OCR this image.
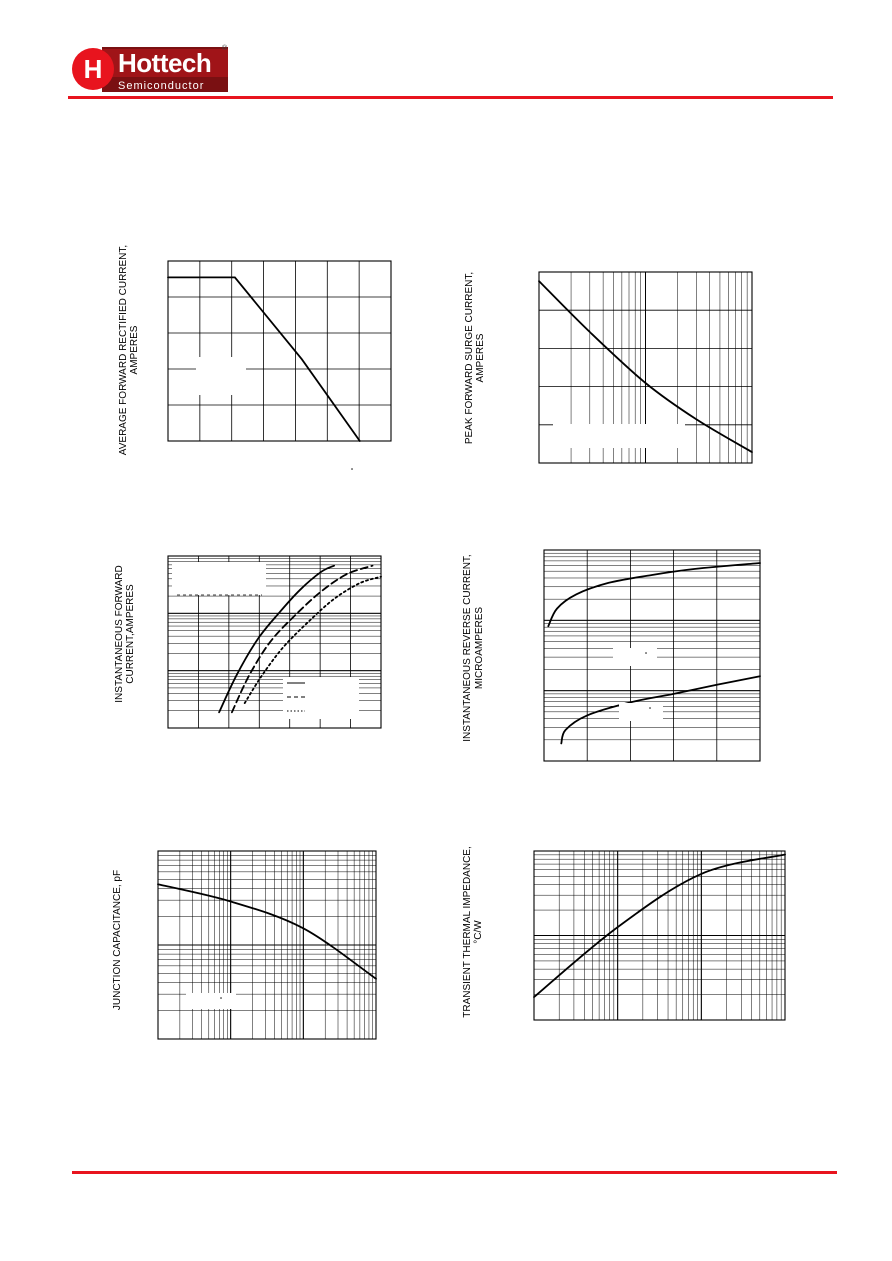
H Hottech
Semiconductor
®
AVERAGE FORWARD RECTIFIED CURRENT, AMPERES	PEAK FORWARD SURGE CURRENT, AMPERES
INSTANTANEOUS FORWARD CURRENT,AMPERES	INSTANTANEOUS REVERSE CURRENT, MICROAMPERES
JUNCTION CAPACITANCE, pF	TRANSIENT THERMAL IMPEDANCE, °C/W
°
°
°
°
